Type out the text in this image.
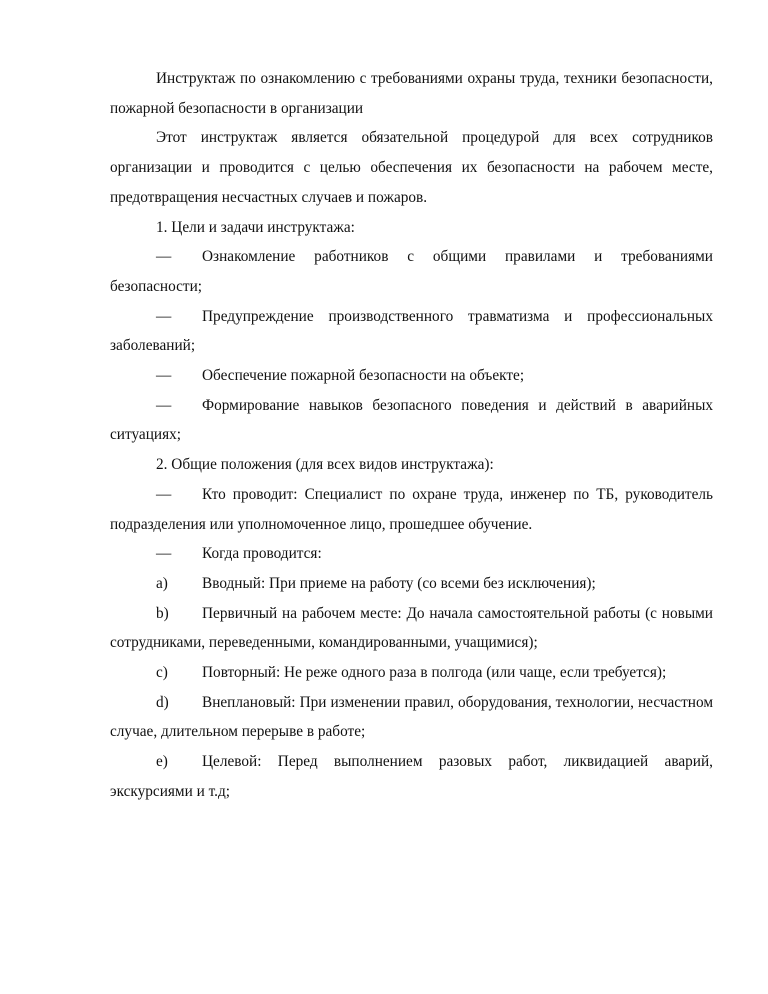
Инструктаж по ознакомлению с требованиями охраны труда, техники безопасности, пожарной безопасности в организации

Этот инструктаж является обязательной процедурой для всех сотрудников организации и проводится с целью обеспечения их безопасности на рабочем месте, предотвращения несчастных случаев и пожаров.

1. Цели и задачи инструктажа:

— Ознакомление работников с общими правилами и требованиями безопасности;

— Предупреждение производственного травматизма и профессиональных заболеваний;

— Обеспечение пожарной безопасности на объекте;

— Формирование навыков безопасного поведения и действий в аварийных ситуациях;

2. Общие положения (для всех видов инструктажа):

— Кто проводит: Специалист по охране труда, инженер по ТБ, руководитель подразделения или уполномоченное лицо, прошедшее обучение.

— Когда проводится:

a) Вводный: При приеме на работу (со всеми без исключения);

b) Первичный на рабочем месте: До начала самостоятельной работы (с новыми сотрудниками, переведенными, командированными, учащимися);

c) Повторный: Не реже одного раза в полгода (или чаще, если требуется);

d) Внеплановый: При изменении правил, оборудования, технологии, несчастном случае, длительном перерыве в работе;

e) Целевой: Перед выполнением разовых работ, ликвидацией аварий, экскурсиями и т.д;
